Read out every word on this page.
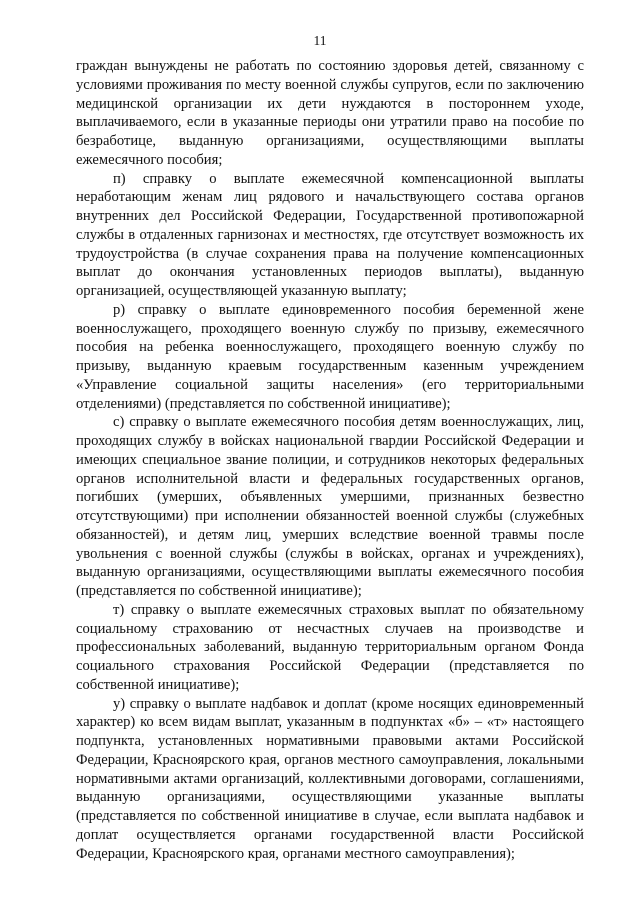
11

граждан вынуждены не работать по состоянию здоровья детей, связанному с условиями проживания по месту военной службы супругов, если по заключению медицинской организации их дети нуждаются в постороннем уходе, выплачиваемого, если в указанные периоды они утратили право на пособие по безработице, выданную организациями, осуществляющими выплаты ежемесячного пособия;

п) справку о выплате ежемесячной компенсационной выплаты неработающим женам лиц рядового и начальствующего состава органов внутренних дел Российской Федерации, Государственной противопожарной службы в отдаленных гарнизонах и местностях, где отсутствует возможность их трудоустройства (в случае сохранения права на получение компенсационных выплат до окончания установленных периодов выплаты), выданную организацией, осуществляющей указанную выплату;

р) справку о выплате единовременного пособия беременной жене военнослужащего, проходящего военную службу по призыву, ежемесячного пособия на ребенка военнослужащего, проходящего военную службу по призыву, выданную краевым государственным казенным учреждением «Управление социальной защиты населения» (его территориальными отделениями) (представляется по собственной инициативе);

с) справку о выплате ежемесячного пособия детям военнослужащих, лиц, проходящих службу в войсках национальной гвардии Российской Федерации и имеющих специальное звание полиции, и сотрудников некоторых федеральных органов исполнительной власти и федеральных государственных органов, погибших (умерших, объявленных умершими, признанных безвестно отсутствующими) при исполнении обязанностей военной службы (служебных обязанностей), и детям лиц, умерших вследствие военной травмы после увольнения с военной службы (службы в войсках, органах и учреждениях), выданную организациями, осуществляющими выплаты ежемесячного пособия (представляется по собственной инициативе);

т) справку о выплате ежемесячных страховых выплат по обязательному социальному страхованию от несчастных случаев на производстве и профессиональных заболеваний, выданную территориальным органом Фонда социального страхования Российской Федерации (представляется по собственной инициативе);

у) справку о выплате надбавок и доплат (кроме носящих единовременный характер) ко всем видам выплат, указанным в подпунктах «б» – «т» настоящего подпункта, установленных нормативными правовыми актами Российской Федерации, Красноярского края, органов местного самоуправления, локальными нормативными актами организаций, коллективными договорами, соглашениями, выданную организациями, осуществляющими указанные выплаты (представляется по собственной инициативе в случае, если выплата надбавок и доплат осуществляется органами государственной власти Российской Федерации, Красноярского края, органами местного самоуправления);
